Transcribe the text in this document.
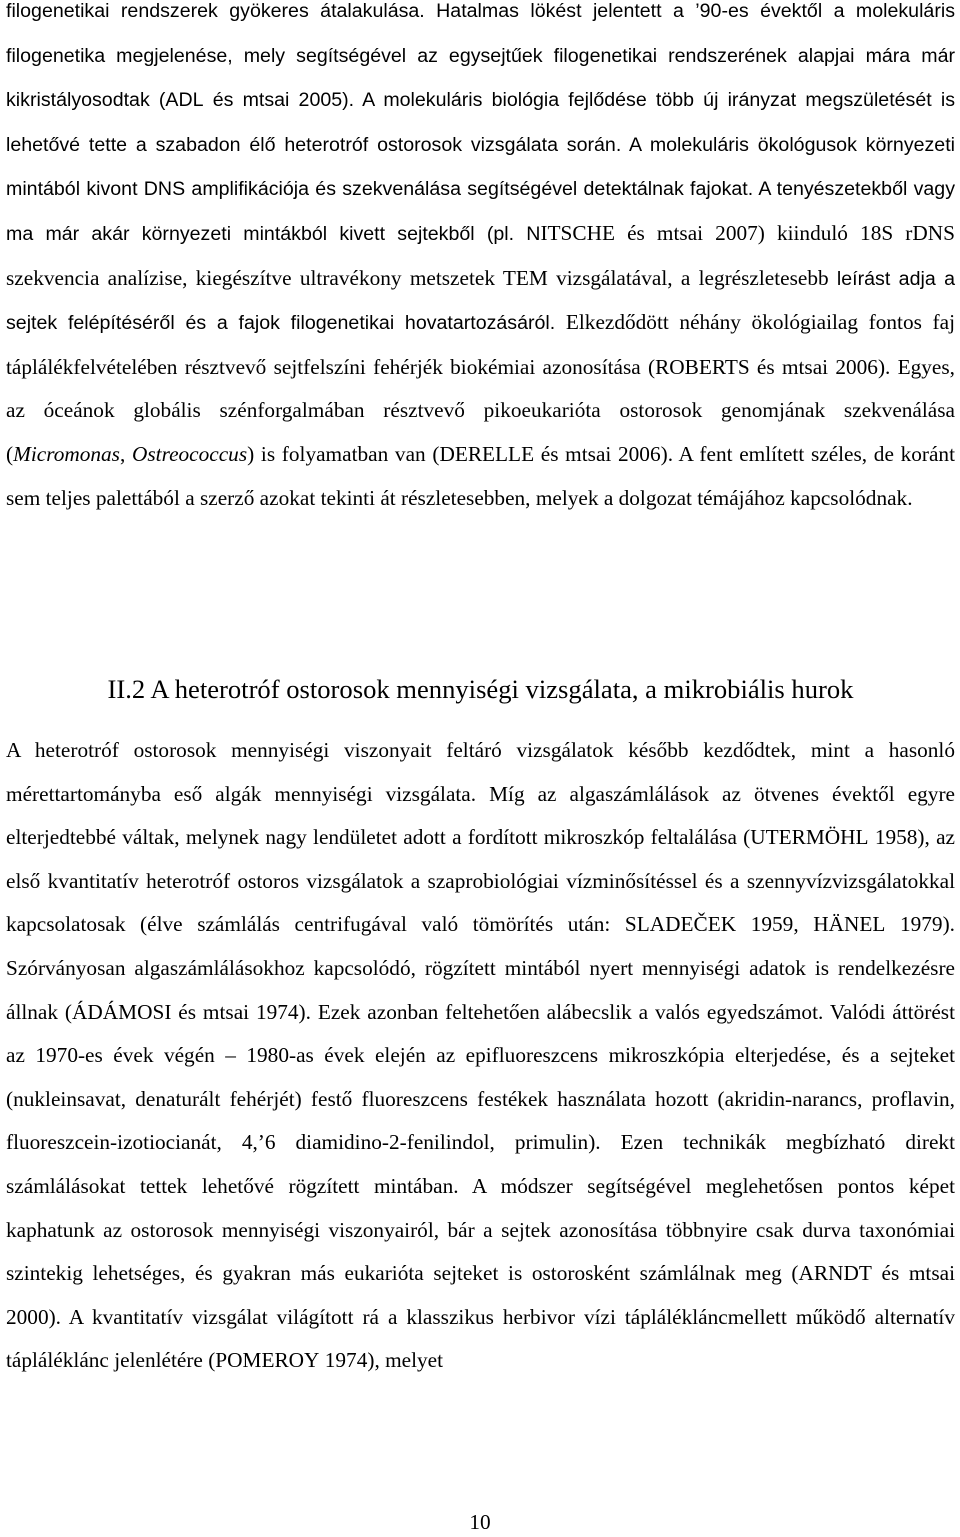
filogenetikai rendszerek gyökeres átalakulása. Hatalmas lökést jelentett a ’90-es évektől a molekuláris filogenetika megjelenése, mely segítségével az egysejtűek filogenetikai rendszerének alapjai mára már kikristályosodtak (ADL és mtsai 2005). A molekuláris biológia fejlődése több új irányzat megszületését is lehetővé tette a szabadon élő heterotróf ostorosok vizsgálata során. A molekuláris ökológusok környezeti mintából kivont DNS amplifikációja és szekvenálása segítségével detektálnak fajokat. A tenyészetekből vagy ma már akár környezeti mintákból kivett sejtekből (pl. NITSCHE és mtsai 2007) kiinduló 18S rDNS szekvencia analízise, kiegészítve ultravékony metszetek TEM vizsgálatával, a legrészletesebb leírást adja a sejtek felépítéséről és a fajok filogenetikai hovatartozásáról. Elkezdődött néhány ökológiailag fontos faj táplálékfelvételében résztvevő sejtfelszíni fehérjék biokémiai azonosítása (ROBERTS és mtsai 2006). Egyes, az óceánok globális szénforgalmában résztvevő pikoeukarióta ostorosok genomjának szekvenálása (Micromonas, Ostreococcus) is folyamatban van (DERELLE és mtsai 2006). A fent említett széles, de koránt sem teljes palettából a szerző azokat tekinti át részletesebben, melyek a dolgozat témájához kapcsolódnak.

II.2 A heterotróf ostorosok mennyiségi vizsgálata, a mikrobiális hurok

A heterotróf ostorosok mennyiségi viszonyait feltáró vizsgálatok később kezdődtek, mint a hasonló mérettartományba eső algák mennyiségi vizsgálata. Míg az algaszámlálások az ötvenes évektől egyre elterjedtebbé váltak, melynek nagy lendületet adott a fordított mikroszkóp feltalálása (UTERMÖHL 1958), az első kvantitatív heterotróf ostoros vizsgálatok a szaprobiológiai vízminősítéssel és a szennyvízvizsgálatokkal kapcsolatosak (élve számlálás centrifugával való tömörítés után: SLADEČEK 1959, HÄNEL 1979). Szórványosan algaszámlálásokhoz kapcsolódó, rögzített mintából nyert mennyiségi adatok is rendelkezésre állnak (ÁDÁMOSI és mtsai 1974). Ezek azonban feltehetően alábecslik a valós egyedszámot. Valódi áttörést az 1970-es évek végén – 1980-as évek elején az epifluoreszcens mikroszkópia elterjedése, és a sejteket (nukleinsavat, denaturált fehérjét) festő fluoreszcens festékek használata hozott (akridin-narancs, proflavin, fluoreszcein-izotiocianát, 4,’6 diamidino-2-fenilindol, primulin). Ezen technikák megbízható direkt számlálásokat tettek lehetővé rögzített mintában. A módszer segítségével meglehetősen pontos képet kaphatunk az ostorosok mennyiségi viszonyairól, bár a sejtek azonosítása többnyire csak durva taxonómiai szintekig lehetséges, és gyakran más eukarióta sejteket is ostorosként számlálnak meg (ARNDT és mtsai 2000). A kvantitatív vizsgálat világított rá a klasszikus herbivor vízi táplálékláncmellett működő alternatív tápláléklánc jelenlétére (POMEROY 1974), melyet

10
